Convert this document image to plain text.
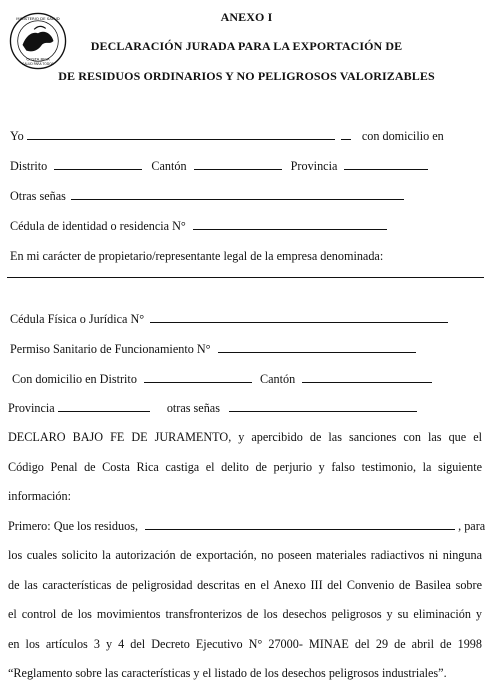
MINISTERIO DE SALUD
COSTA RICA
SALUD PARA TODOS
ANEXO I
DECLARACIÓN JURADA PARA LA EXPORTACIÓN DE
DE RESIDUOS ORDINARIOS Y NO PELIGROSOS VALORIZABLES
Yo	con domicilio en
Distrito	Cantón	Provincia
Otras señas
Cédula de identidad o residencia N°
En mi carácter de propietario/representante legal de la empresa denominada:
Cédula Física o Jurídica N°
Permiso Sanitario de Funcionamiento N°
Con domicilio en Distrito	Cantón
Provincia	otras señas
DECLARO BAJO FE DE JURAMENTO, y apercibido de las sanciones con las que el
Código Penal de Costa Rica castiga el delito de perjurio y falso testimonio, la siguiente
información:
Primero: Que los residuos,	, para
los cuales solicito la autorización de exportación, no poseen materiales radiactivos ni ninguna
de las características de peligrosidad descritas en el Anexo III del Convenio de Basilea sobre
el control de los movimientos transfronterizos de los desechos peligrosos y su eliminación y
en los artículos 3 y 4 del Decreto Ejecutivo N° 27000- MINAE del 29 de abril de 1998
“Reglamento sobre las características y el listado de los desechos peligrosos industriales”.
